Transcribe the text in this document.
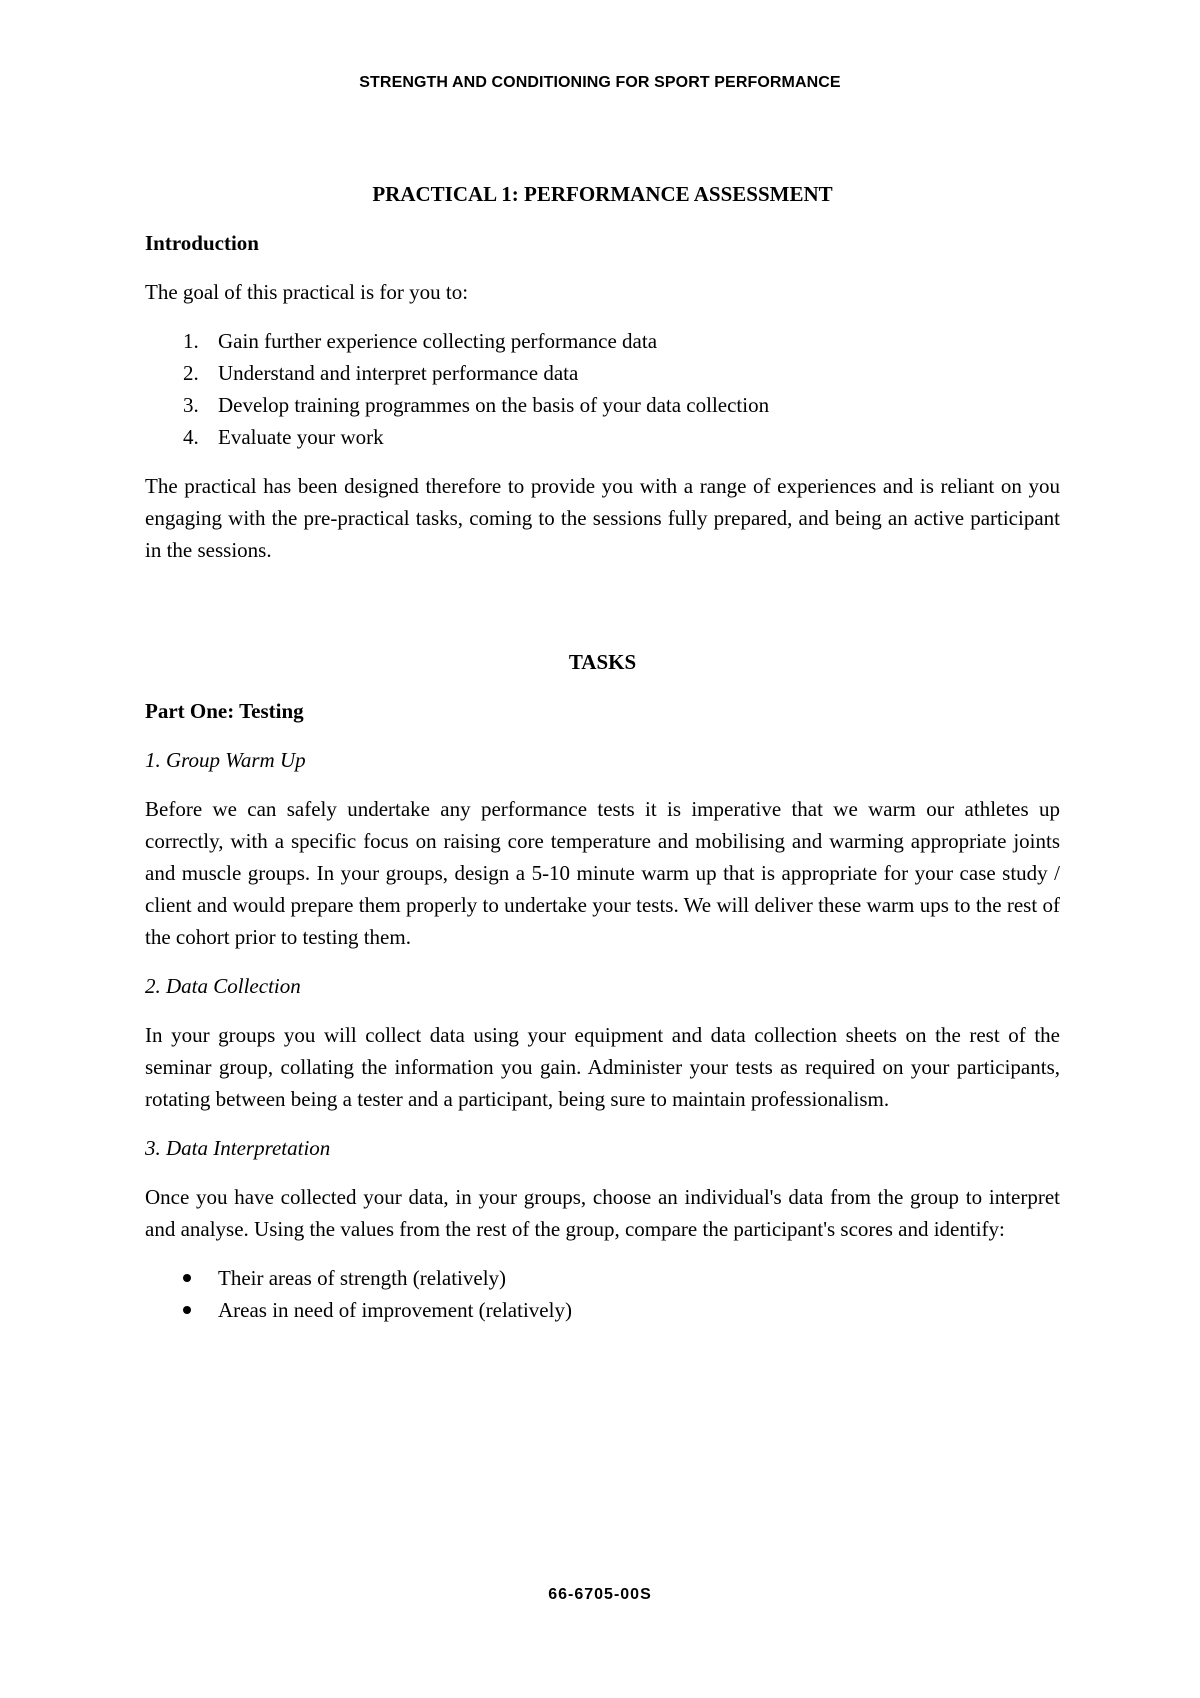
STRENGTH AND CONDITIONING FOR SPORT PERFORMANCE
PRACTICAL 1: PERFORMANCE ASSESSMENT
Introduction

The goal of this practical is for you to:

1. Gain further experience collecting performance data
2. Understand and interpret performance data
3. Develop training programmes on the basis of your data collection
4. Evaluate your work

The practical has been designed therefore to provide you with a range of experiences and is reliant on you engaging with the pre-practical tasks, coming to the sessions fully prepared, and being an active participant in the sessions.

TASKS
Part One: Testing
1. Group Warm Up

Before we can safely undertake any performance tests it is imperative that we warm our athletes up correctly, with a specific focus on raising core temperature and mobilising and warming appropriate joints and muscle groups. In your groups, design a 5-10 minute warm up that is appropriate for your case study / client and would prepare them properly to undertake your tests. We will deliver these warm ups to the rest of the cohort prior to testing them.

2. Data Collection

In your groups you will collect data using your equipment and data collection sheets on the rest of the seminar group, collating the information you gain. Administer your tests as required on your participants, rotating between being a tester and a participant, being sure to maintain professionalism.

3. Data Interpretation

Once you have collected your data, in your groups, choose an individual's data from the group to interpret and analyse. Using the values from the rest of the group, compare the participant's scores and identify:

Their areas of strength (relatively)
Areas in need of improvement (relatively)
66-6705-00S
